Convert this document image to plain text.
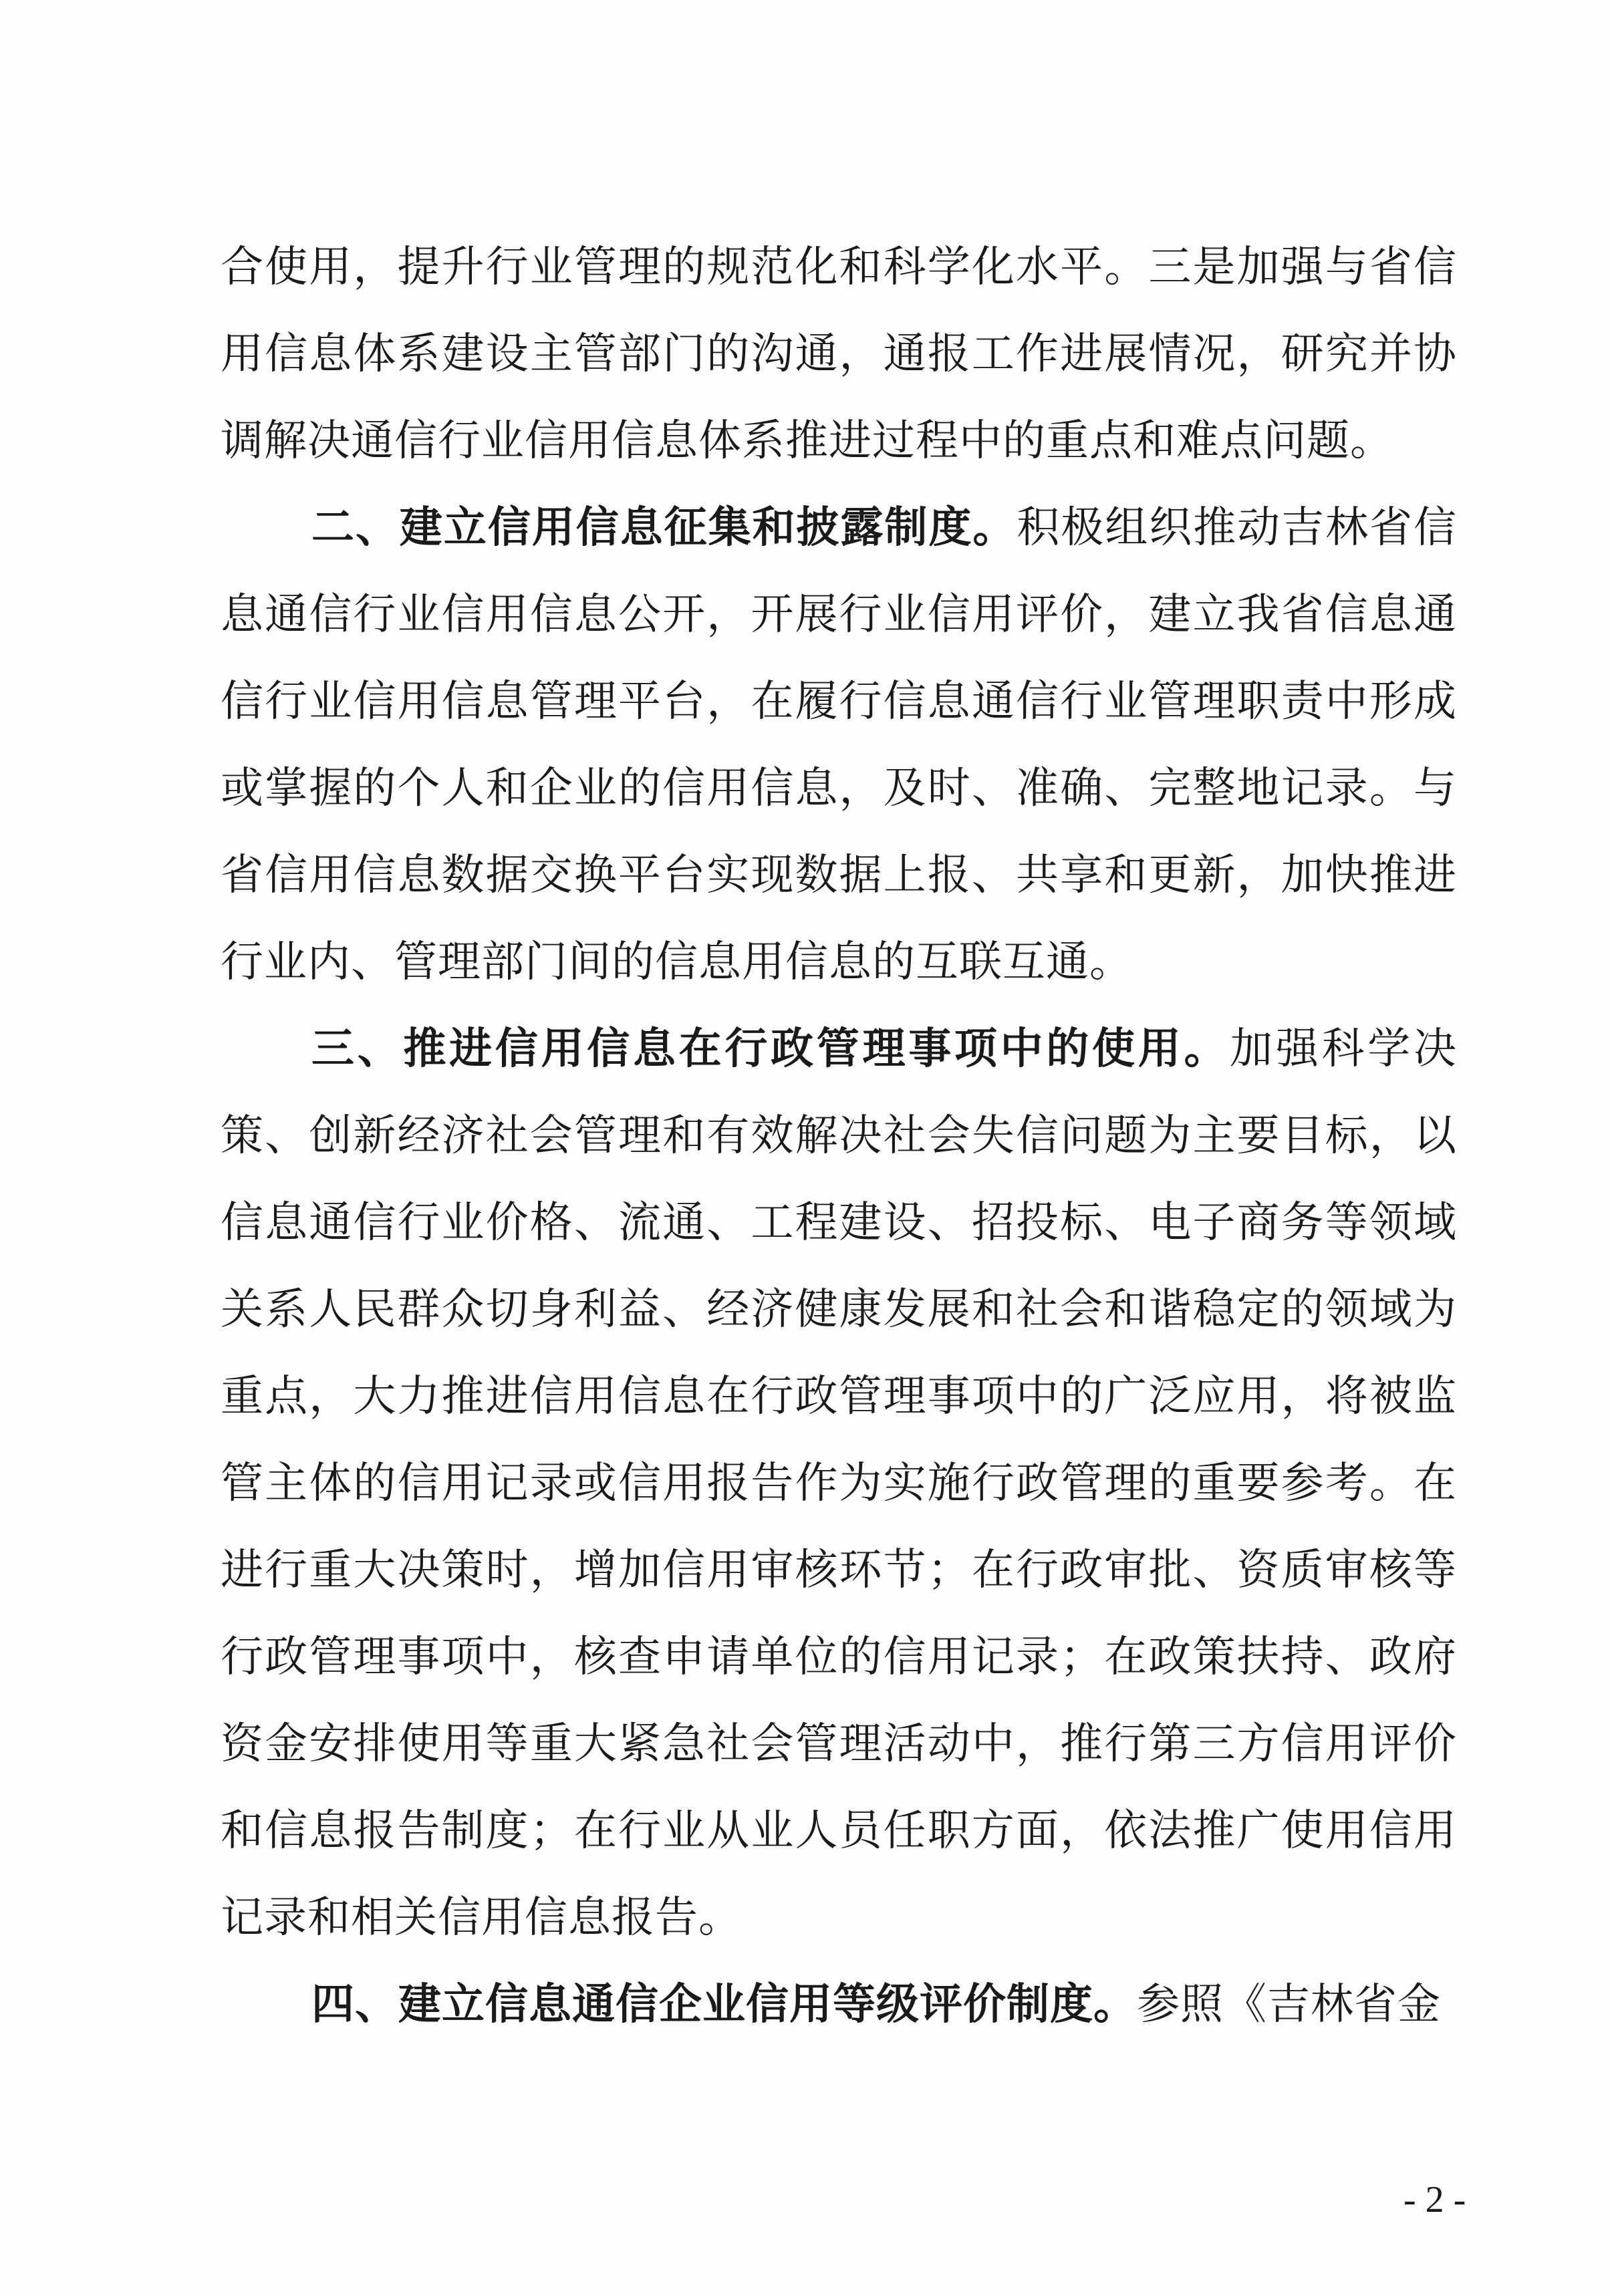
合使用，提升行业管理的规范化和科学化水平。三是加强与省信用信息体系建设主管部门的沟通，通报工作进展情况，研究并协调解决通信行业信用信息体系推进过程中的重点和难点问题。

二、建立信用信息征集和披露制度。积极组织推动吉林省信息通信行业信用信息公开，开展行业信用评价，建立我省信息通信行业信用信息管理平台，在履行信息通信行业管理职责中形成或掌握的个人和企业的信用信息，及时、准确、完整地记录。与省信用信息数据交换平台实现数据上报、共享和更新，加快推进行业内、管理部门间的信息用信息的互联互通。

三、推进信用信息在行政管理事项中的使用。加强科学决策、创新经济社会管理和有效解决社会失信问题为主要目标，以信息通信行业价格、流通、工程建设、招投标、电子商务等领域关系人民群众切身利益、经济健康发展和社会和谐稳定的领域为重点，大力推进信用信息在行政管理事项中的广泛应用，将被监管主体的信用记录或信用报告作为实施行政管理的重要参考。在进行重大决策时，增加信用审核环节；在行政审批、资质审核等行政管理事项中，核查申请单位的信用记录；在政策扶持、政府资金安排使用等重大紧急社会管理活动中，推行第三方信用评价和信息报告制度；在行业从业人员任职方面，依法推广使用信用记录和相关信用信息报告。

四、建立信息通信企业信用等级评价制度。参照《吉林省金

- 2 -
